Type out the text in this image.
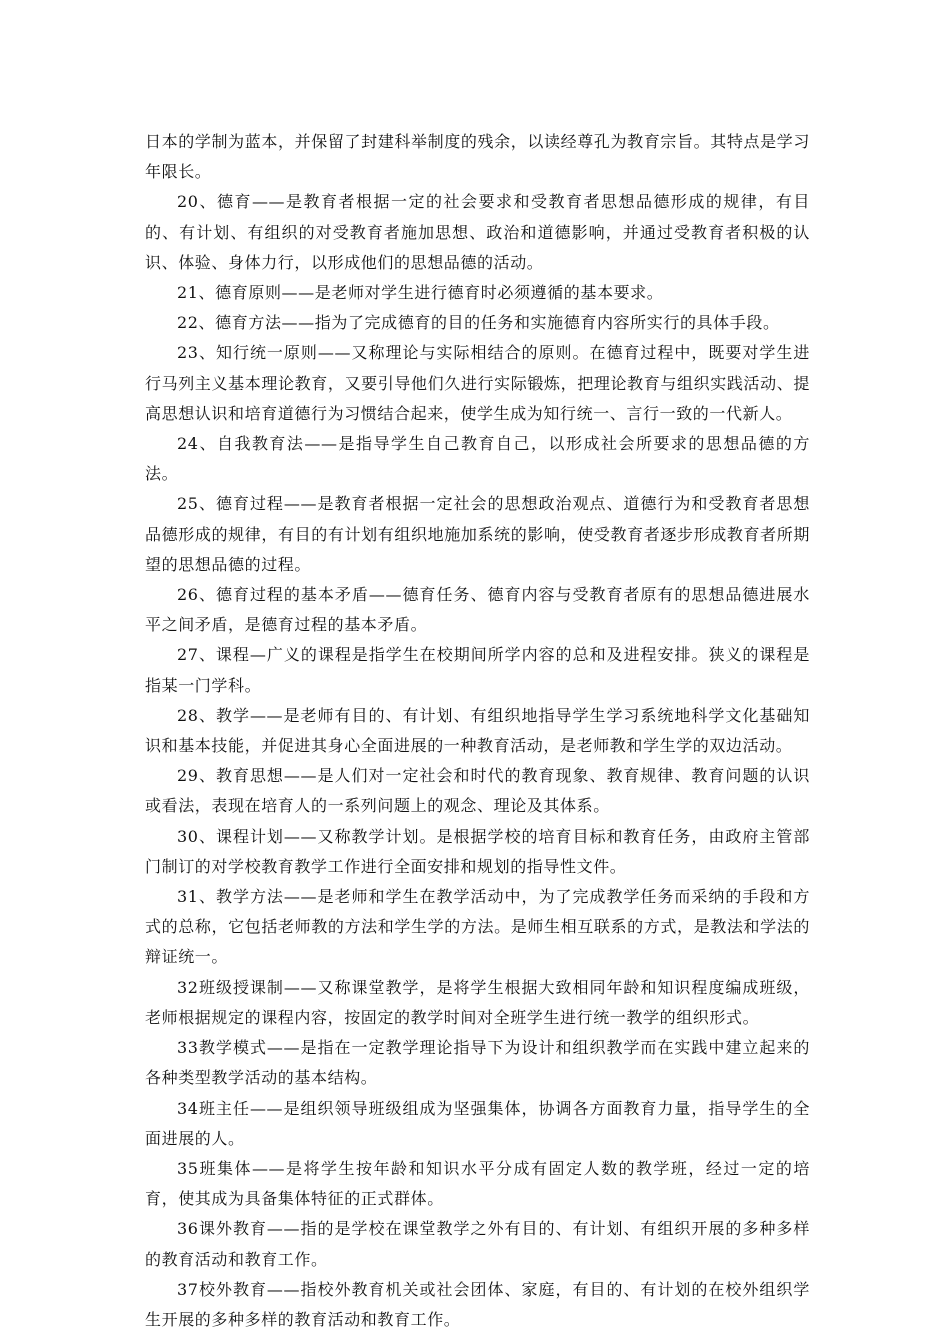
日本的学制为蓝本，并保留了封建科举制度的残余，以读经尊孔为教育宗旨。其特点是学习年限长。

20、德育——是教育者根据一定的社会要求和受教育者思想品德形成的规律，有目的、有计划、有组织的对受教育者施加思想、政治和道德影响，并通过受教育者积极的认识、体验、身体力行，以形成他们的思想品德的活动。

21、德育原则——是老师对学生进行德育时必须遵循的基本要求。

22、德育方法——指为了完成德育的目的任务和实施德育内容所实行的具体手段。

23、知行统一原则——又称理论与实际相结合的原则。在德育过程中，既要对学生进行马列主义基本理论教育，又要引导他们久进行实际锻炼，把理论教育与组织实践活动、提高思想认识和培育道德行为习惯结合起来，使学生成为知行统一、言行一致的一代新人。

24、自我教育法——是指导学生自己教育自己，以形成社会所要求的思想品德的方法。

25、德育过程——是教育者根据一定社会的思想政治观点、道德行为和受教育者思想品德形成的规律，有目的有计划有组织地施加系统的影响，使受教育者逐步形成教育者所期望的思想品德的过程。

26、德育过程的基本矛盾——德育任务、德育内容与受教育者原有的思想品德进展水平之间矛盾，是德育过程的基本矛盾。

27、课程—广义的课程是指学生在校期间所学内容的总和及进程安排。狭义的课程是指某一门学科。

28、教学——是老师有目的、有计划、有组织地指导学生学习系统地科学文化基础知识和基本技能，并促进其身心全面进展的一种教育活动，是老师教和学生学的双边活动。

29、教育思想——是人们对一定社会和时代的教育现象、教育规律、教育问题的认识或看法，表现在培育人的一系列问题上的观念、理论及其体系。

30、课程计划——又称教学计划。是根据学校的培育目标和教育任务，由政府主管部门制订的对学校教育教学工作进行全面安排和规划的指导性文件。

31、教学方法——是老师和学生在教学活动中，为了完成教学任务而采纳的手段和方式的总称，它包括老师教的方法和学生学的方法。是师生相互联系的方式，是教法和学法的辩证统一。

32班级授课制——又称课堂教学，是将学生根据大致相同年龄和知识程度编成班级，老师根据规定的课程内容，按固定的教学时间对全班学生进行统一教学的组织形式。

33教学模式——是指在一定教学理论指导下为设计和组织教学而在实践中建立起来的各种类型教学活动的基本结构。

34班主任——是组织领导班级组成为坚强集体，协调各方面教育力量，指导学生的全面进展的人。

35班集体——是将学生按年龄和知识水平分成有固定人数的教学班，经过一定的培育，使其成为具备集体特征的正式群体。

36课外教育——指的是学校在课堂教学之外有目的、有计划、有组织开展的多种多样的教育活动和教育工作。

37校外教育——指校外教育机关或社会团体、家庭，有目的、有计划的在校外组织学生开展的多种多样的教育活动和教育工作。
